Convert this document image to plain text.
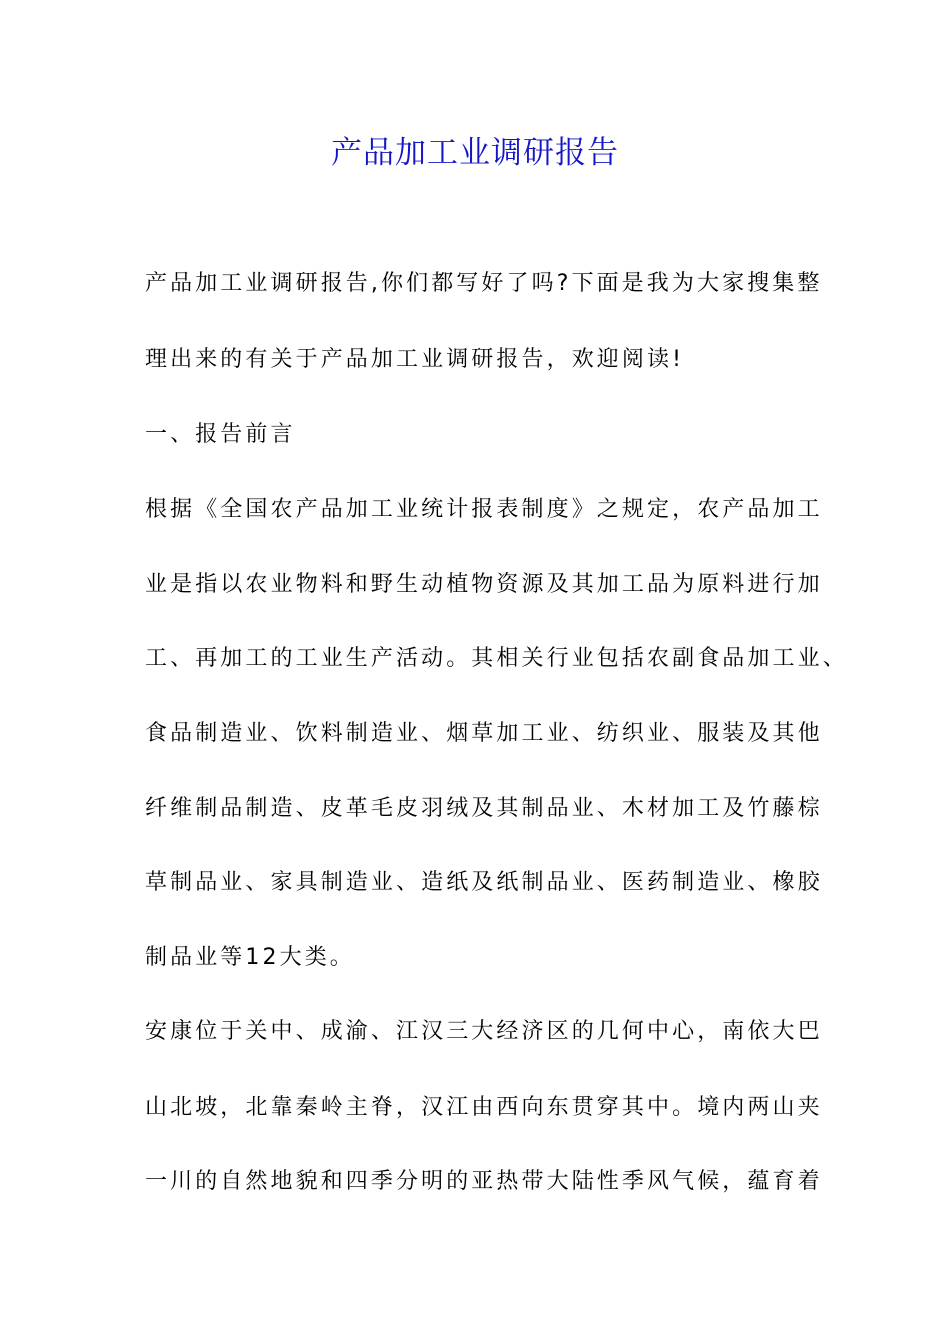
产品加工业调研报告

产品加工业调研报告,你们都写好了吗?下面是我为大家搜集整

理出来的有关于产品加工业调研报告，欢迎阅读!

一、报告前言

根据《全国农产品加工业统计报表制度》之规定，农产品加工

业是指以农业物料和野生动植物资源及其加工品为原料进行加

工、再加工的工业生产活动。其相关行业包括农副食品加工业、

食品制造业、饮料制造业、烟草加工业、纺织业、服装及其他

纤维制品制造、皮革毛皮羽绒及其制品业、木材加工及竹藤棕

草制品业、家具制造业、造纸及纸制品业、医药制造业、橡胶

制品业等12大类。

安康位于关中、成渝、江汉三大经济区的几何中心，南依大巴

山北坡，北靠秦岭主脊，汉江由西向东贯穿其中。境内两山夹

一川的自然地貌和四季分明的亚热带大陆性季风气候，蕴育着
